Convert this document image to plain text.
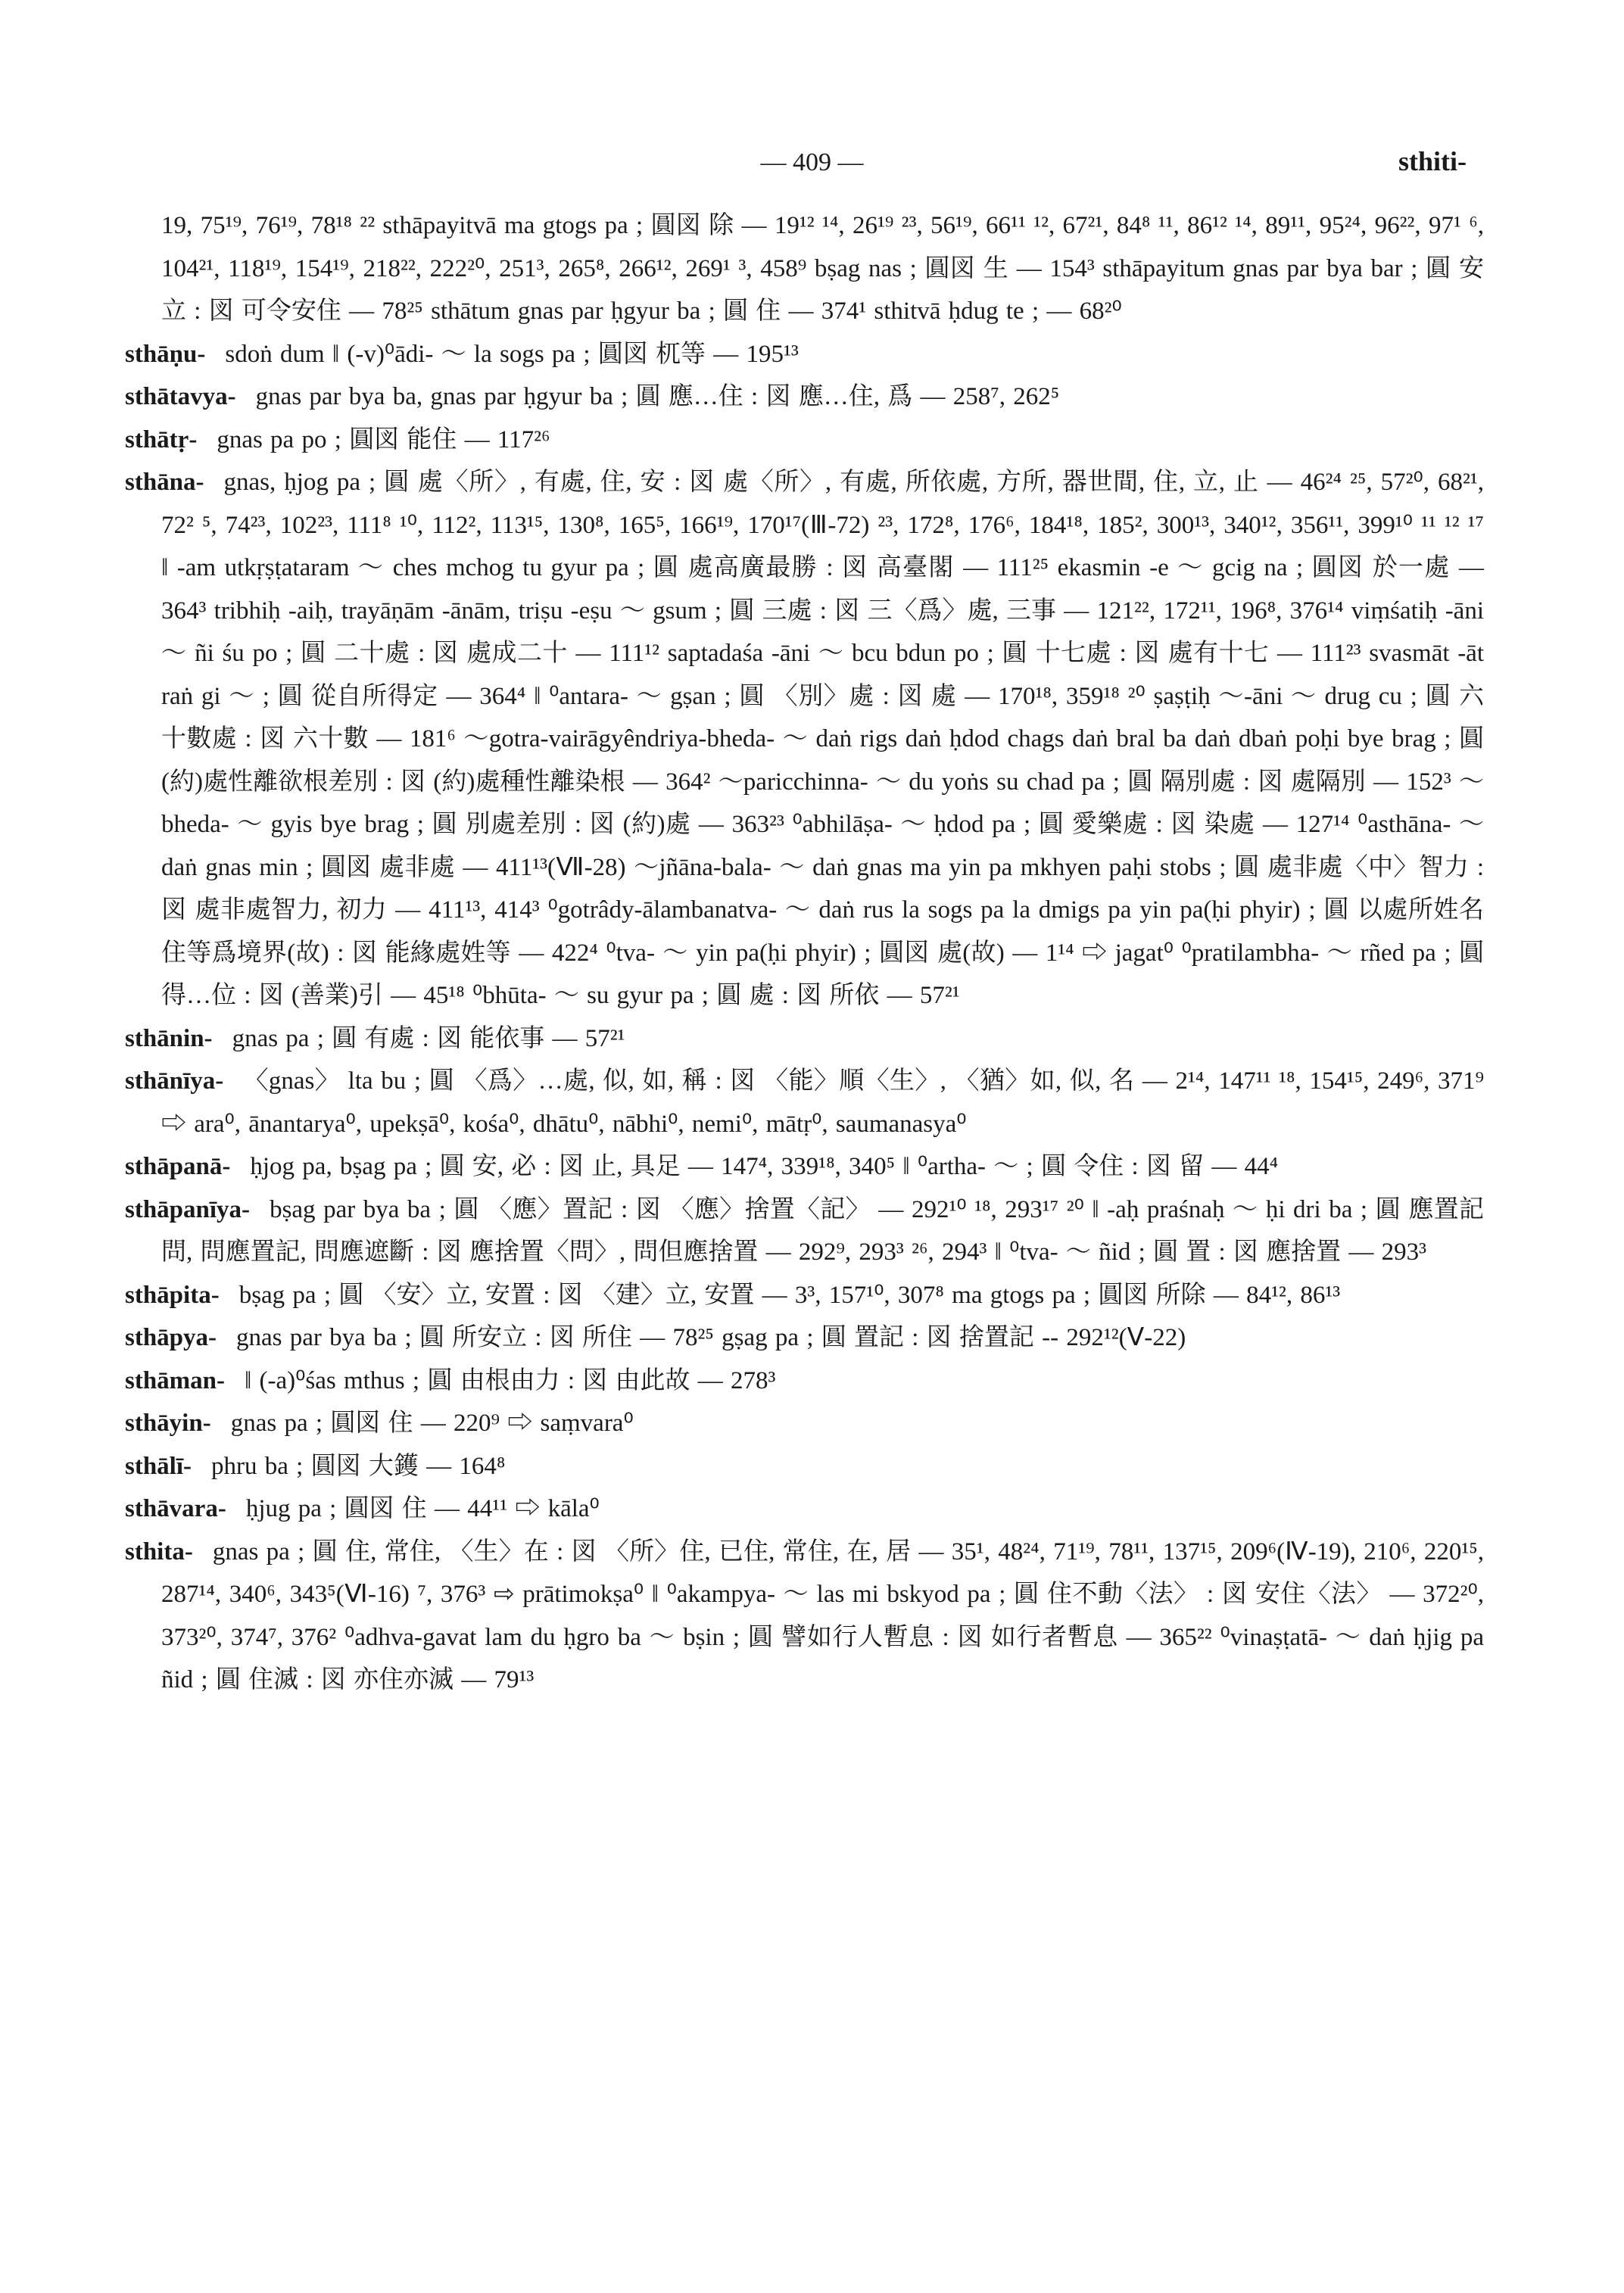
— 409 —	sthiti-

19, 75¹⁹, 76¹⁹, 78¹⁸ ²² sthāpayitvā ma gtogs pa ; 圓図 除 — 19¹² ¹⁴, 26¹⁹ ²³, 56¹⁹, 66¹¹ ¹², 67²¹, 84⁸ ¹¹, 86¹² ¹⁴, 89¹¹, 95²⁴, 96²², 97¹ ⁶, 104²¹, 118¹⁹, 154¹⁹, 218²², 222²⁰, 251³, 265⁸, 266¹², 269¹ ³, 458⁹ bṣag nas ; 圓図 生 — 154³ sthāpayitum gnas par bya bar ; 圓 安立 : 図 可令安住 — 78²⁵ sthātum gnas par ḥgyur ba ; 圓 住 — 374¹ sthitvā ḥdug te ; — 68²⁰

sthāṇu- sdoṅ dum ‖ (-v)⁰ādi- ～ la sogs pa ; 圓図 杌等 — 195¹³

sthātavya- gnas par bya ba, gnas par ḥgyur ba ; 圓 應…住 : 図 應…住, 爲 — 258⁷, 262⁵

sthātṛ- gnas pa po ; 圓図 能住 — 117²⁶

sthāna- gnas, ḥjog pa ; 圓 處〈所〉, 有處, 住, 安 : 図 處〈所〉, 有處, 所依處, 方所, 器世間, 住, 立, 止 — 46²⁴ ²⁵, 57²⁰, 68²¹, 72² ⁵, 74²³, 102²³, 111⁸ ¹⁰, 112², 113¹⁵, 130⁸, 165⁵, 166¹⁹, 170¹⁷(Ⅲ-72) ²³, 172⁸, 176⁶, 184¹⁸, 185², 300¹³, 340¹², 356¹¹, 399¹⁰ ¹¹ ¹² ¹⁷ ‖ -am utkṛṣṭataram ～ ches mchog tu gyur pa ; 圓 處高廣最勝 : 図 高臺閣 — 111²⁵ ekasmin -e ～ gcig na ; 圓図 於一處 — 364³ tribhiḥ -aiḥ, trayāṇām -ānām, triṣu -eṣu ～ gsum ; 圓 三處 : 図 三〈爲〉處, 三事 — 121²², 172¹¹, 196⁸, 376¹⁴ viṃśatiḥ -āni ～ ñi śu po ; 圓 二十處 : 図 處成二十 — 111¹² saptadaśa -āni ～ bcu bdun po ; 圓 十七處 : 図 處有十七 — 111²³ svasmāt -āt raṅ gi ～ ; 圓 從自所得定 — 364⁴ ‖ ⁰antara- ～ gṣan ; 圓 〈別〉處 : 図 處 — 170¹⁸, 359¹⁸ ²⁰ ṣaṣṭiḥ ～-āni ～ drug cu ; 圓 六十數處 : 図 六十數 — 181⁶ ～gotra-vairāgyêndriya-bheda- ～ daṅ rigs daṅ ḥdod chags daṅ bral ba daṅ dbaṅ poḥi bye brag ; 圓 (約)處性離欲根差別 : 図 (約)處種性離染根 — 364² ～paricchinna- ～ du yoṅs su chad pa ; 圓 隔別處 : 図 處隔別 — 152³ ～bheda- ～ gyis bye brag ; 圓 別處差別 : 図 (約)處 — 363²³ ⁰abhilāṣa- ～ ḥdod pa ; 圓 愛樂處 : 図 染處 — 127¹⁴ ⁰asthāna- ～ daṅ gnas min ; 圓図 處非處 — 411¹³(Ⅶ-28) ～jñāna-bala- ～ daṅ gnas ma yin pa mkhyen paḥi stobs ; 圓 處非處〈中〉智力 : 図 處非處智力, 初力 — 411¹³, 414³ ⁰gotrâdy-ālambanatva- ～ daṅ rus la sogs pa la dmigs pa yin pa(ḥi phyir) ; 圓 以處所姓名住等爲境界(故) : 図 能緣處姓等 — 422⁴ ⁰tva- ～ yin pa(ḥi phyir) ; 圓図 處(故) — 1¹⁴ ⇨ jagat⁰ ⁰pratilambha- ～ rñed pa ; 圓 得…位 : 図 (善業)引 — 45¹⁸ ⁰bhūta- ～ su gyur pa ; 圓 處 : 図 所依 — 57²¹

sthānin- gnas pa ; 圓 有處 : 図 能依事 — 57²¹

sthānīya- 〈gnas〉 lta bu ; 圓 〈爲〉…處, 似, 如, 稱 : 図 〈能〉順〈生〉, 〈猶〉如, 似, 名 — 2¹⁴, 147¹¹ ¹⁸, 154¹⁵, 249⁶, 371⁹ ⇨ ara⁰, ānantarya⁰, upekṣā⁰, kośa⁰, dhātu⁰, nābhi⁰, nemi⁰, mātṛ⁰, saumanasya⁰

sthāpanā- ḥjog pa, bṣag pa ; 圓 安, 必 : 図 止, 具足 — 147⁴, 339¹⁸, 340⁵ ‖ ⁰artha- ～ ; 圓 令住 : 図 留 — 44⁴

sthāpanīya- bṣag par bya ba ; 圓 〈應〉置記 : 図 〈應〉捨置〈記〉 — 292¹⁰ ¹⁸, 293¹⁷ ²⁰ ‖ -aḥ praśnaḥ ～ ḥi dri ba ; 圓 應置記問, 問應置記, 問應遮斷 : 図 應捨置〈問〉, 問但應捨置 — 292⁹, 293³ ²⁶, 294³ ‖ ⁰tva- ～ ñid ; 圓 置 : 図 應捨置 — 293³

sthāpita- bṣag pa ; 圓 〈安〉立, 安置 : 図 〈建〉立, 安置 — 3³, 157¹⁰, 307⁸ ma gtogs pa ; 圓図 所除 — 84¹², 86¹³

sthāpya- gnas par bya ba ; 圓 所安立 : 図 所住 — 78²⁵ gṣag pa ; 圓 置記 : 図 捨置記 -- 292¹²(Ⅴ-22)

sthāman- ‖ (-a)⁰śas mthus ; 圓 由根由力 : 図 由此故 — 278³

sthāyin- gnas pa ; 圓図 住 — 220⁹ ⇨ saṃvara⁰

sthālī- phru ba ; 圓図 大鑊 — 164⁸

sthāvara- ḥjug pa ; 圓図 住 — 44¹¹ ⇨ kāla⁰

sthita- gnas pa ; 圓 住, 常住, 〈生〉在 : 図 〈所〉住, 已住, 常住, 在, 居 — 35¹, 48²⁴, 71¹⁹, 78¹¹, 137¹⁵, 209⁶(Ⅳ-19), 210⁶, 220¹⁵, 287¹⁴, 340⁶, 343⁵(Ⅵ-16) ⁷, 376³ ⇨ prātimokṣa⁰ ‖ ⁰akampya- ～ las mi bskyod pa ; 圓 住不動〈法〉 : 図 安住〈法〉 — 372²⁰, 373²⁰, 374⁷, 376² ⁰adhva-gavat lam du ḥgro ba ～ bṣin ; 圓 譬如行人暫息 : 図 如行者暫息 — 365²² ⁰vinaṣṭatā- ～ daṅ ḥjig pa ñid ; 圓 住滅 : 図 亦住亦滅 — 79¹³
